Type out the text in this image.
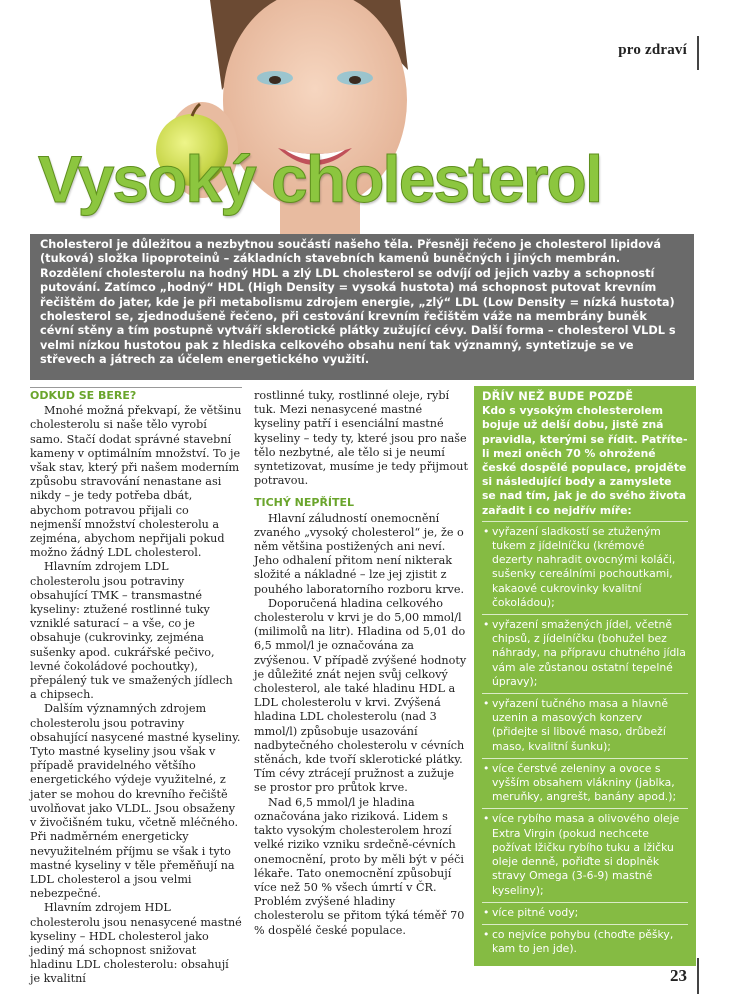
pro zdraví
Vysoký cholesterol
Cholesterol je důležitou a nezbytnou součástí našeho těla. Přesněji řečeno je cholesterol lipidová (tuková) složka lipoproteinů – základních stavebních kamenů buněčných i jiných membrán. Rozdělení cholesterolu na hodný HDL a zlý LDL cholesterol se odvíjí od jejich vazby a schopností putování. Zatímco „hodný“ HDL (High Density = vysoká hustota) má schopnost putovat krevním řečištěm do jater, kde je při metabolismu zdrojem energie, „zlý“ LDL (Low Density = nízká hustota) cholesterol se, zjednodušeně řečeno, při cestování krevním řečištěm váže na membrány buněk cévní stěny a tím postupně vytváří sklerotické plátky zužující cévy. Další forma – cholesterol VLDL s velmi nízkou hustotou pak z hlediska celkového obsahu není tak významný, syntetizuje se ve střevech a játrech za účelem energetického využití.

ODKUD SE BERE?

Mnohé možná překvapí, že většinu cholesterolu si naše tělo vyrobí samo. Stačí dodat správné stavební kameny v optimálním množství. To je však stav, který při našem moderním způsobu stravování nenastane asi nikdy – je tedy potřeba dbát, abychom potravou přijali co nejmenší množství cholesterolu a zejména, abychom nepřijali pokud možno žádný LDL cholesterol.

Hlavním zdrojem LDL cholesterolu jsou potraviny obsahující TMK – transmastné kyseliny: ztužené rostlinné tuky vzniklé saturací – a vše, co je obsahuje (cukrovinky, zejména sušenky apod. cukrářské pečivo, levné čokoládové pochoutky), přepálený tuk ve smažených jídlech a chipsech.

Dalším významných zdrojem cholesterolu jsou potraviny obsahující nasycené mastné kyseliny. Tyto mastné kyseliny jsou však v případě pravidelného většího energetického výdeje využitelné, z jater se mohou do krevního řečiště uvolňovat jako VLDL. Jsou obsaženy v živočišném tuku, včetně mléčného. Při nadměrném energeticky nevyužitelném příjmu se však i tyto mastné kyseliny v těle přeměňují na LDL cholesterol a jsou velmi nebezpečné.

Hlavním zdrojem HDL cholesterolu jsou nenasycené mastné kyseliny – HDL cholesterol jako jediný má schopnost snižovat hladinu LDL cholesterolu: obsahují je kvalitní

rostlinné tuky, rostlinné oleje, rybí tuk. Mezi nenasycené mastné kyseliny patří i esenciální mastné kyseliny – tedy ty, které jsou pro naše tělo nezbytné, ale tělo si je neumí syntetizovat, musíme je tedy přijmout potravou.

TICHÝ NEPŘÍTEL

Hlavní záludností onemocnění zvaného „vysoký cholesterol“ je, že o něm většina postižených ani neví. Jeho odhalení přitom není nikterak složité a nákladné – lze jej zjistit z pouhého laboratorního rozboru krve.

Doporučená hladina celkového cholesterolu v krvi je do 5,00 mmol/l (milimolů na litr). Hladina od 5,01 do 6,5 mmol/l je označována za zvýšenou. V případě zvýšené hodnoty je důležité znát nejen svůj celkový cholesterol, ale také hladinu HDL a LDL cholesterolu v krvi. Zvýšená hladina LDL cholesterolu (nad 3 mmol/l) způsobuje usazování nadbytečného cholesterolu v cévních stěnách, kde tvoří sklerotické plátky. Tím cévy ztrácejí pružnost a zužuje se prostor pro průtok krve.

Nad 6,5 mmol/l je hladina označována jako riziková. Lidem s takto vysokým cholesterolem hrozí velké riziko vzniku srdečně-cévních onemocnění, proto by měli být v péči lékaře. Tato onemocnění způsobují více než 50 % všech úmrtí v ČR. Problém zvýšené hladiny cholesterolu se přitom týká téměř 70 % dospělé české populace.

DŘÍV NEŽ BUDE POZDĚ
Kdo s vysokým cholesterolem bojuje už delší dobu, jistě zná pravidla, kterými se řídit. Patříte-li mezi oněch 70 % ohrožené české dospělé populace, projděte si následující body a zamyslete se nad tím, jak je do svého života zařadit i co nejdřív míře:
• vyřazení sladkostí se ztuženým tukem z jídelníčku (krémové dezerty nahradit ovocnými koláči, sušenky cereálními pochoutkami, kakaové cukrovinky kvalitní čokoládou);
• vyřazení smažených jídel, včetně chipsů, z jídelníčku (bohužel bez náhrady, na přípravu chutného jídla vám ale zůstanou ostatní tepelné úpravy);
• vyřazení tučného masa a hlavně uzenin a masových konzerv (přidejte si libové maso, drůbeží maso, kvalitní šunku);
• více čerstvé zeleniny a ovoce s vyšším obsahem vlákniny (jablka, meruňky, angrešt, banány apod.);
• více rybího masa a olivového oleje Extra Virgin (pokud nechcete požívat lžičku rybího tuku a lžičku oleje denně, pořiďte si doplněk stravy Omega (3-6-9) mastné kyseliny);
• více pitné vody;
• co nejvíce pohybu (choďte pěšky, kam to jen jde).
23
